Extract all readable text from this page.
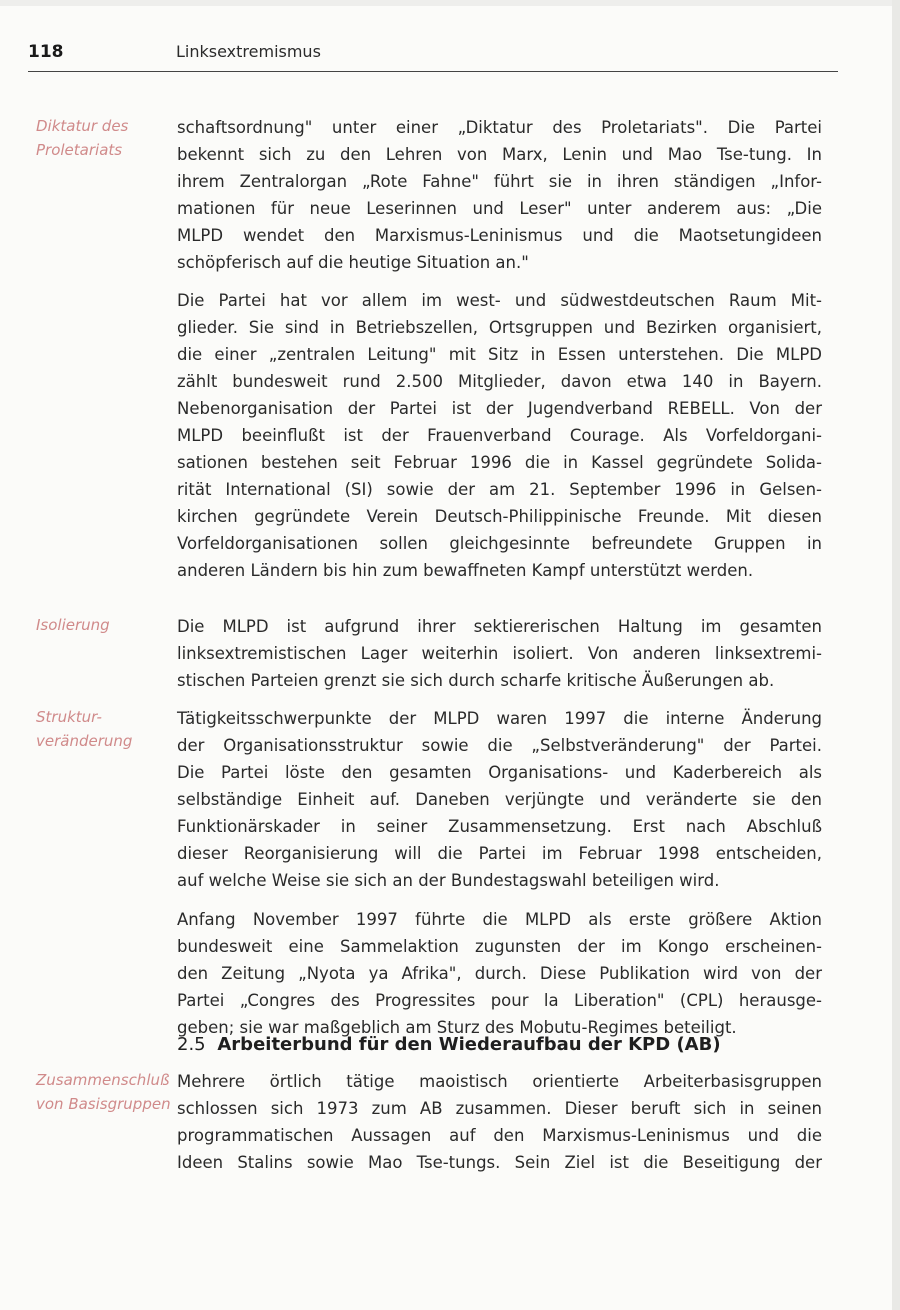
118	Linksextremismus
Diktatur des
Proletariats
Isolierung
Struktur-
veränderung
Zusammenschluß
von Basisgruppen
schaftsordnung" unter einer „Diktatur des Proletariats". Die Partei
bekennt sich zu den Lehren von Marx, Lenin und Mao Tse-tung. In
ihrem Zentralorgan „Rote Fahne" führt sie in ihren ständigen „Infor-
mationen für neue Leserinnen und Leser" unter anderem aus: „Die
MLPD wendet den Marxismus-Leninismus und die Maotsetungideen
schöpferisch auf die heutige Situation an."
Die Partei hat vor allem im west- und südwestdeutschen Raum Mit-
glieder. Sie sind in Betriebszellen, Ortsgruppen und Bezirken organisiert,
die einer „zentralen Leitung" mit Sitz in Essen unterstehen. Die MLPD
zählt bundesweit rund 2.500 Mitglieder, davon etwa 140 in Bayern.
Nebenorganisation der Partei ist der Jugendverband REBELL. Von der
MLPD beeinflußt ist der Frauenverband Courage. Als Vorfeldorgani-
sationen bestehen seit Februar 1996 die in Kassel gegründete Solida-
rität International (SI) sowie der am 21. September 1996 in Gelsen-
kirchen gegründete Verein Deutsch-Philippinische Freunde. Mit diesen
Vorfeldorganisationen sollen gleichgesinnte befreundete Gruppen in
anderen Ländern bis hin zum bewaffneten Kampf unterstützt werden.
Die MLPD ist aufgrund ihrer sektiererischen Haltung im gesamten
linksextremistischen Lager weiterhin isoliert. Von anderen linksextremi-
stischen Parteien grenzt sie sich durch scharfe kritische Äußerungen ab.
Tätigkeitsschwerpunkte der MLPD waren 1997 die interne Änderung
der Organisationsstruktur sowie die „Selbstveränderung" der Partei.
Die Partei löste den gesamten Organisations- und Kaderbereich als
selbständige Einheit auf. Daneben verjüngte und veränderte sie den
Funktionärskader in seiner Zusammensetzung. Erst nach Abschluß
dieser Reorganisierung will die Partei im Februar 1998 entscheiden,
auf welche Weise sie sich an der Bundestagswahl beteiligen wird.
Anfang November 1997 führte die MLPD als erste größere Aktion
bundesweit eine Sammelaktion zugunsten der im Kongo erscheinen-
den Zeitung „Nyota ya Afrika", durch. Diese Publikation wird von der
Partei „Congres des Progressites pour la Liberation" (CPL) herausge-
geben; sie war maßgeblich am Sturz des Mobutu-Regimes beteiligt.
2.5 Arbeiterbund für den Wiederaufbau der KPD (AB)
Mehrere örtlich tätige maoistisch orientierte Arbeiterbasisgruppen
schlossen sich 1973 zum AB zusammen. Dieser beruft sich in seinen
programmatischen Aussagen auf den Marxismus-Leninismus und die
Ideen Stalins sowie Mao Tse-tungs. Sein Ziel ist die Beseitigung der
